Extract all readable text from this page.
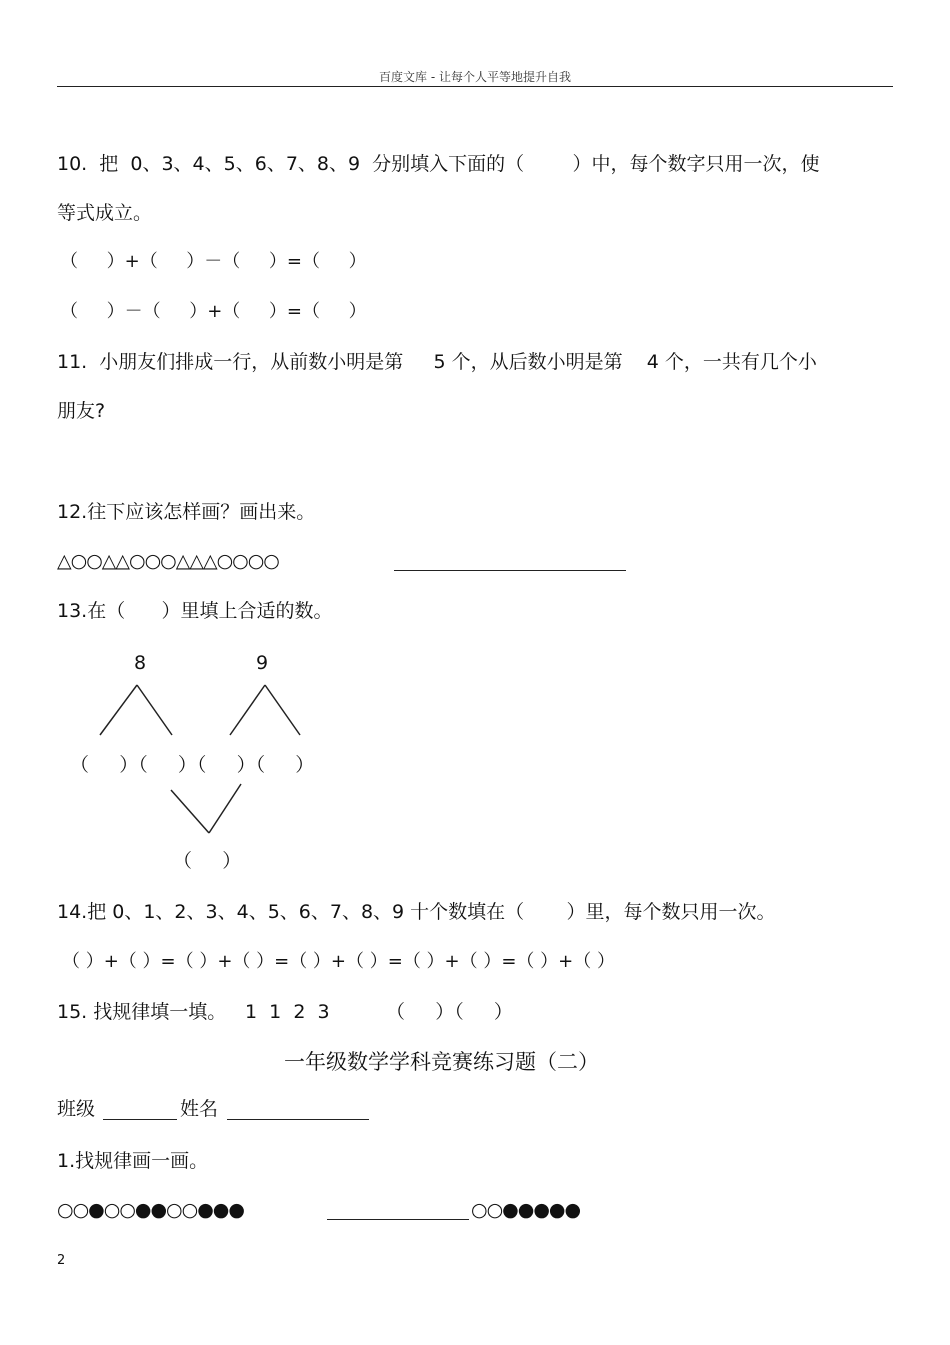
百度文库 - 让每个人平等地提升自我
10.  把  0、3、4、5、6、7、8、9  分别填入下面的（        ）中，每个数字只用一次，使
等式成立。
（     ）+（     ）－（     ）=（     ）
（     ）－（     ）+（     ）=（     ）
11.  小朋友们排成一行，从前数小明是第     5 个，从后数小明是第    4 个，一共有几个小
朋友?
12.往下应该怎样画？画出来。
△○○△△○○○△△△○○○○
13.在（      ）里填上合适的数。
8	9
（     ）（     ）（     ）（     ）
（     ）
14.把 0、1、2、3、4、5、6、7、8、9 十个数填在（       ）里，每个数只用一次。
（ ）+（ ）=（ ）+（ ）=（ ）+（ ）=（ ）+（ ）=（ ）+（ ）
15. 找规律填一填。 1  1  2  3	（     ）（     ）
一年级数学学科竞赛练习题（二）
班级	姓名
1.找规律画一画。
○○●○○●●○○●●●	○○●●●●●
2
